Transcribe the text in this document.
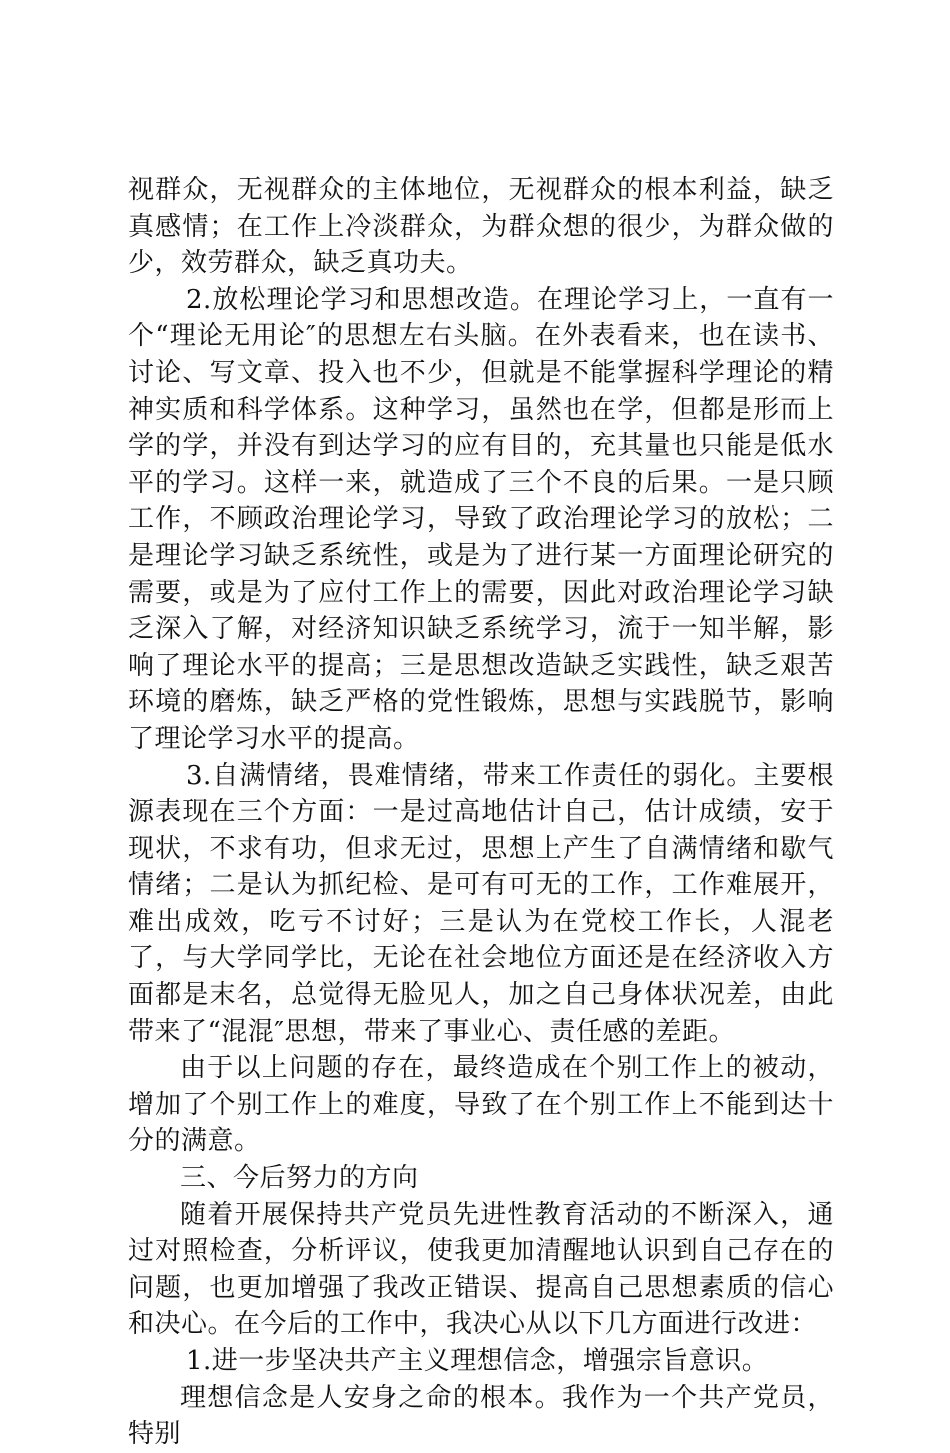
视群众，无视群众的主体地位，无视群众的根本利益，缺乏真感情；在工作上冷淡群众，为群众想的很少，为群众做的少，效劳群众，缺乏真功夫。

2.放松理论学习和思想改造。在理论学习上，一直有一个“理论无用论″的思想左右头脑。在外表看来，也在读书、讨论、写文章、投入也不少，但就是不能掌握科学理论的精神实质和科学体系。这种学习，虽然也在学，但都是形而上学的学，并没有到达学习的应有目的，充其量也只能是低水平的学习。这样一来，就造成了三个不良的后果。一是只顾工作，不顾政治理论学习，导致了政治理论学习的放松；二是理论学习缺乏系统性，或是为了进行某一方面理论研究的需要，或是为了应付工作上的需要，因此对政治理论学习缺乏深入了解，对经济知识缺乏系统学习，流于一知半解，影响了理论水平的提高；三是思想改造缺乏实践性，缺乏艰苦环境的磨炼，缺乏严格的党性锻炼，思想与实践脱节，影响了理论学习水平的提高。

3.自满情绪，畏难情绪，带来工作责任的弱化。主要根源表现在三个方面：一是过高地估计自己，估计成绩，安于现状，不求有功，但求无过，思想上产生了自满情绪和歇气情绪；二是认为抓纪检、是可有可无的工作，工作难展开，难出成效，吃亏不讨好；三是认为在党校工作长，人混老了，与大学同学比，无论在社会地位方面还是在经济收入方面都是末名，总觉得无脸见人，加之自己身体状况差，由此带来了“混混″思想，带来了事业心、责任感的差距。

由于以上问题的存在，最终造成在个别工作上的被动，增加了个别工作上的难度，导致了在个别工作上不能到达十分的满意。

三、今后努力的方向

随着开展保持共产党员先进性教育活动的不断深入，通过对照检查，分析评议，使我更加清醒地认识到自己存在的问题，也更加增强了我改正错误、提高自己思想素质的信心和决心。在今后的工作中，我决心从以下几方面进行改进：

1.进一步坚决共产主义理想信念，增强宗旨意识。

理想信念是人安身之命的根本。我作为一个共产党员，特别
